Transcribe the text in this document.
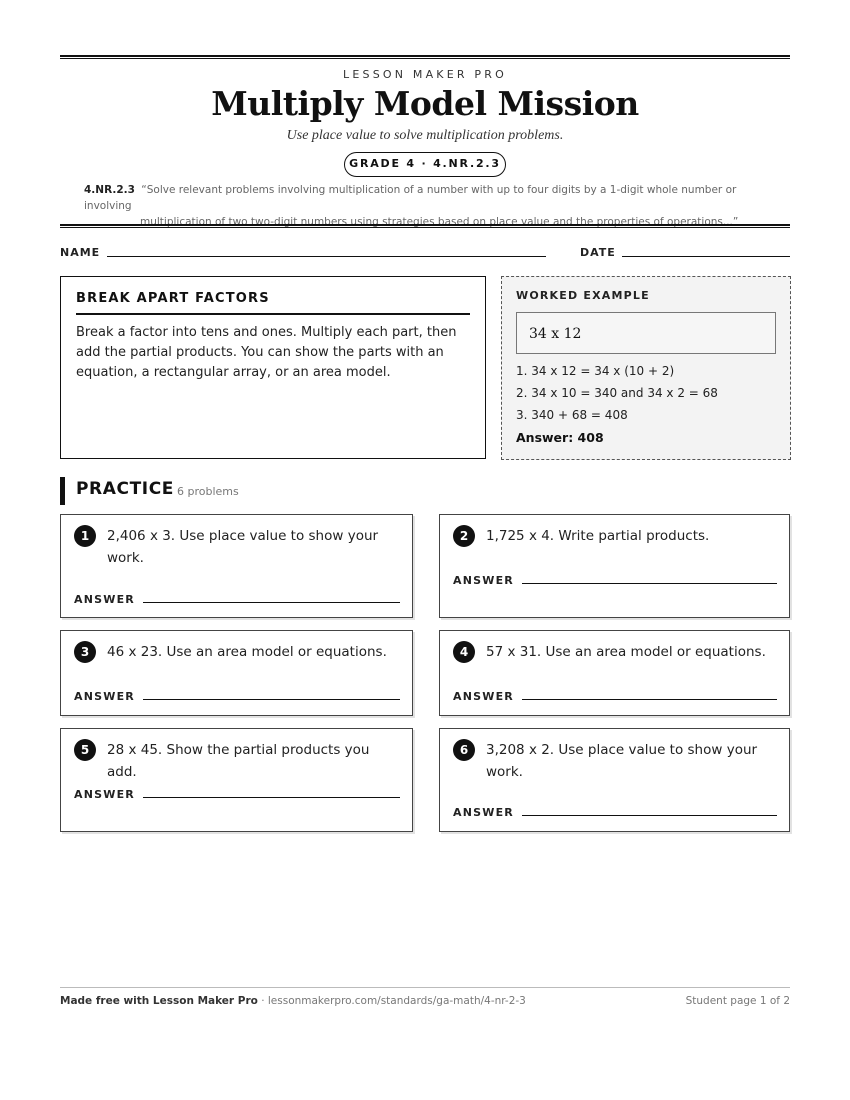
LESSON MAKER PRO
Multiply Model Mission
Use place value to solve multiplication problems.
GRADE 4 · 4.NR.2.3
4.NR.2.3 “Solve relevant problems involving multiplication of a number with up to four digits by a 1-digit whole number or involving
multiplication of two two-digit numbers using strategies based on place value and the properties of operations...”
NAME	DATE
BREAK APART FACTORS
Break a factor into tens and ones. Multiply each part, then add the partial products. You can show the parts with an equation, a rectangular array, or an area model.
WORKED EXAMPLE
34 x 12
1. 34 x 12 = 34 x (10 + 2)
2. 34 x 10 = 340 and 34 x 2 = 68
3. 340 + 68 = 408
Answer: 408
PRACTICE 6 problems
1	2,406 x 3. Use place value to show your work.
ANSWER
2	1,725 x 4. Write partial products.
ANSWER
3	46 x 23. Use an area model or equations.
ANSWER
4	57 x 31. Use an area model or equations.
ANSWER
5	28 x 45. Show the partial products you add.
ANSWER
6	3,208 x 2. Use place value to show your work.
ANSWER
Made free with Lesson Maker Pro · lessonmakerpro.com/standards/ga-math/4-nr-2-3	Student page 1 of 2
